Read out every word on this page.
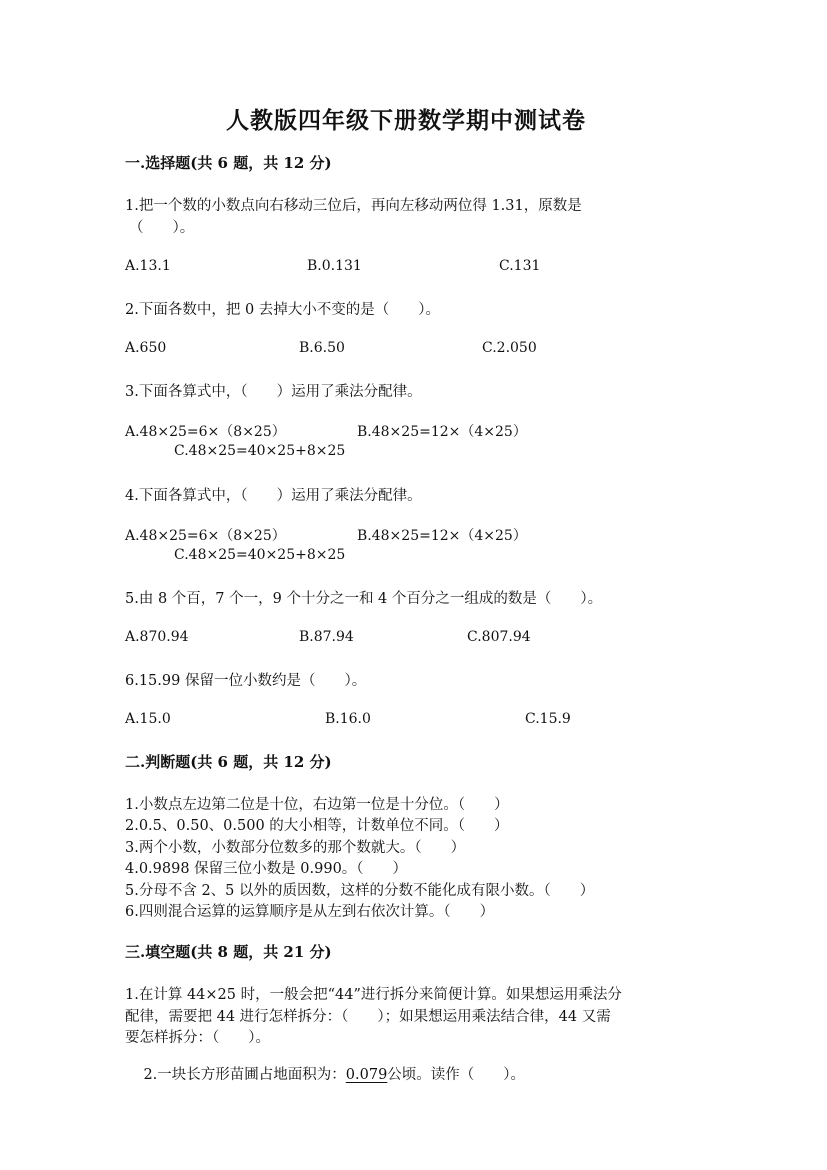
人教版四年级下册数学期中测试卷
一.选择题(共 6 题，共 12 分)
1.把一个数的小数点向右移动三位后，再向左移动两位得 1.31，原数是
（　　）。
A.13.1	B.0.131	C.131
2.下面各数中，把 0 去掉大小不变的是（　　）。
A.650	B.6.50	C.2.050
3.下面各算式中，（　　）运用了乘法分配律。
A.48×25=6×（8×25）	B.48×25=12×（4×25）
C.48×25=40×25+8×25
4.下面各算式中，（　　）运用了乘法分配律。
A.48×25=6×（8×25）	B.48×25=12×（4×25）
C.48×25=40×25+8×25
5.由 8 个百，7 个一，9 个十分之一和 4 个百分之一组成的数是（　　）。
A.870.94	B.87.94	C.807.94
6.15.99 保留一位小数约是（　　）。
A.15.0	B.16.0	C.15.9
二.判断题(共 6 题，共 12 分)
1.小数点左边第二位是十位，右边第一位是十分位。（　　）
2.0.5、0.50、0.500 的大小相等，计数单位不同。（　　）
3.两个小数，小数部分位数多的那个数就大。（　　）
4.0.9898 保留三位小数是 0.990。（　　）
5.分母不含 2、5 以外的质因数，这样的分数不能化成有限小数。（　　）
6.四则混合运算的运算顺序是从左到右依次计算。（　　）
三.填空题(共 8 题，共 21 分)
1.在计算 44×25 时，一般会把“44”进行拆分来简便计算。如果想运用乘法分
配律，需要把 44 进行怎样拆分：（　　）；如果想运用乘法结合律，44 又需
要怎样拆分：（　　）。

2.一块长方形苗圃占地面积为：0.079公顷。读作（　　）。
